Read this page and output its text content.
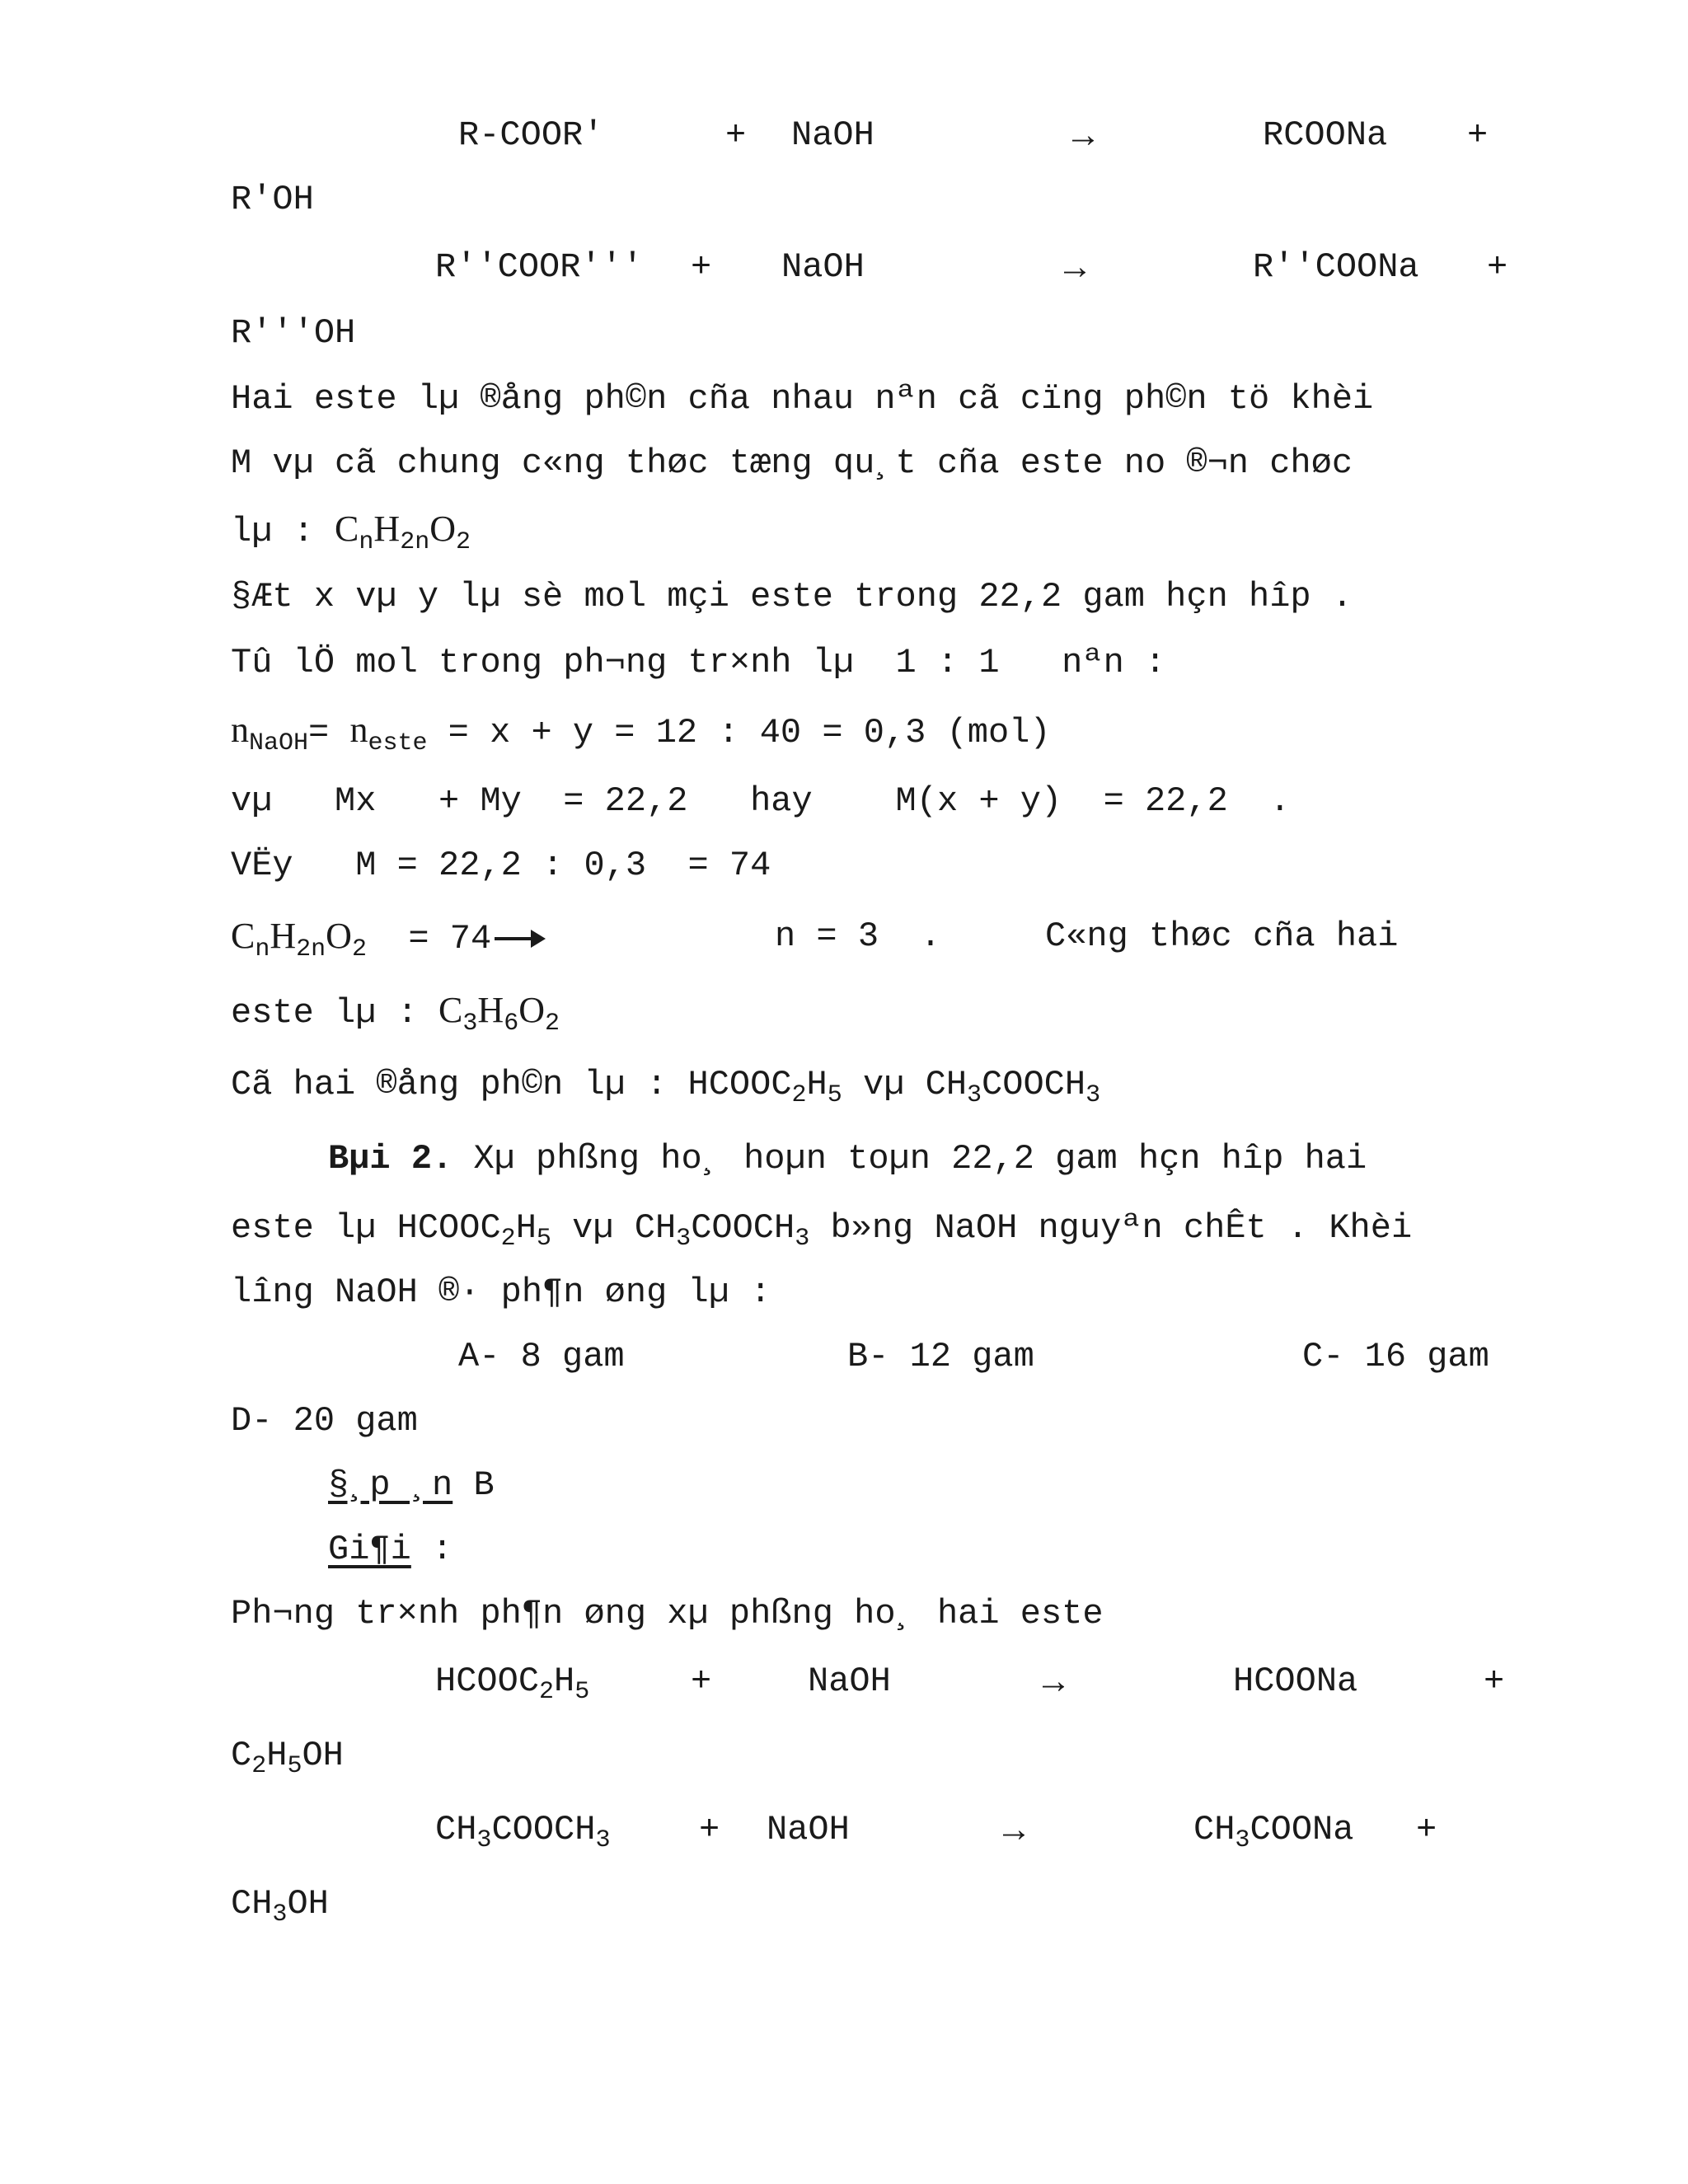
R-COOR′	+ NaOH	→	RCOONa +
R′OH
R′′COOR′′′ + NaOH	→	R′′COONa +
R′′′OH
Hai este lµ ®ång ph©n cña nhau nªn cã cïng ph©n tö khèi
M vµ cã chung c«ng thøc tæng qu¸t cña este no ®¬n chøc
lµ : $C_nH_{2n}O_2$
§Æt x vµ y lµ sè mol mçi este trong 22,2 gam hçn hîp .
Tû lÖ mol trong ph¬ng tr×nh lµ  1 : 1   nªn :
$n_{NaOH}= n_{este} = x + y = 12$ : 40 = 0,3 (mol)
vµ   Mx   + My  = 22,2   hay    M(x + y)  = 22,2  .
VËy   M = 22,2 : 0,3  = 74
$C_nH_{2n}O_2 = 74$	n = 3  .	C«ng thøc cña hai
este lµ : $C_3H_6O_2$
Cã hai ®ång ph©n lµ : $HCOOC_2H_5$ vµ $CH_3COOCH_3$
Bµi 2. Xµ phßng ho¸ hoµn toµn 22,2 gam hçn hîp hai
este lµ $HCOOC_2H_5$ vµ $CH_3COOCH_3$ b»ng NaOH nguyªn chÊt . Khèi
lîng NaOH ®· ph¶n øng lµ :
A- 8 gam	B- 12 gam	C- 16 gam
D- 20 gam
§¸p ¸n B
Gi¶i :
Ph¬ng tr×nh ph¶n øng xµ phßng ho¸ hai este
$HCOOC_2H_5$	+	NaOH	→	HCOONa	+
$C_2H_5OH$
$CH_3COOCH_3$	+ NaOH	→	$CH_3COONa$ +
$CH_3OH$
